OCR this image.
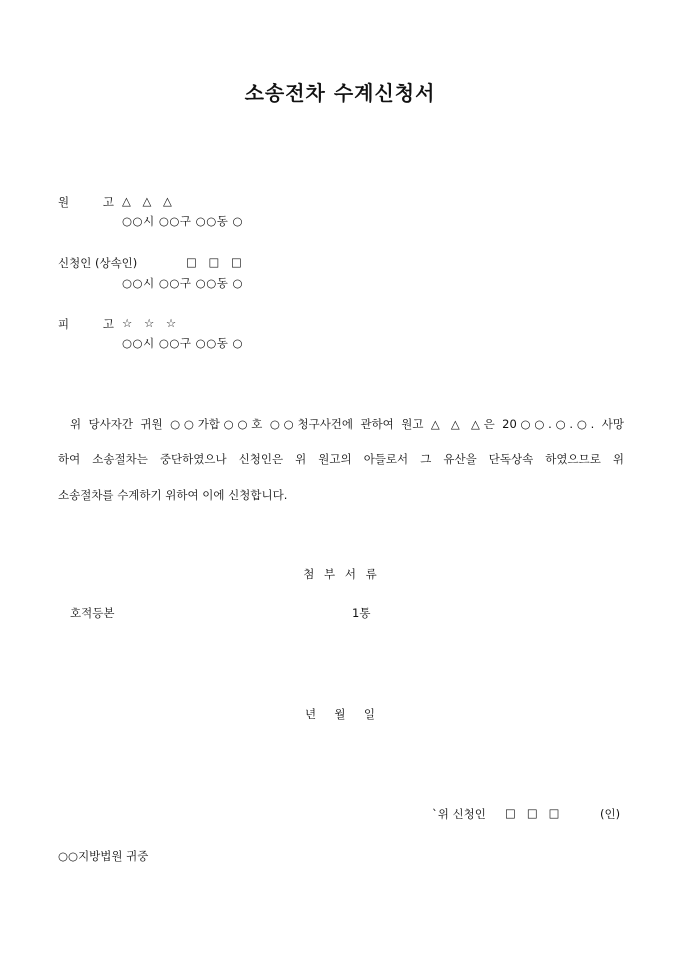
소송전차 수계신청서
원 고 △ △ △
○○시 ○○구 ○○동 ○
신청인 (상속인)	□ □ □
○○시 ○○구 ○○동 ○
피 고 ☆ ☆ ☆
○○시 ○○구 ○○동 ○
위 당사자간 귀원 ○○가합○○호 ○○청구사건에 관하여 원고 △ △ △은 20○○.○.○. 사망
하여 소송절차는 중단하였으나 신청인은 위 원고의 아들로서 그 유산을 단독상속 하였으므로 위
소송절차를 수계하기 위하여 이에 신청합니다.
첨 부 서 류
호적등본	1통
년     월     일
`위 신청인 □   □   □	(인)
○○지방법원 귀중
